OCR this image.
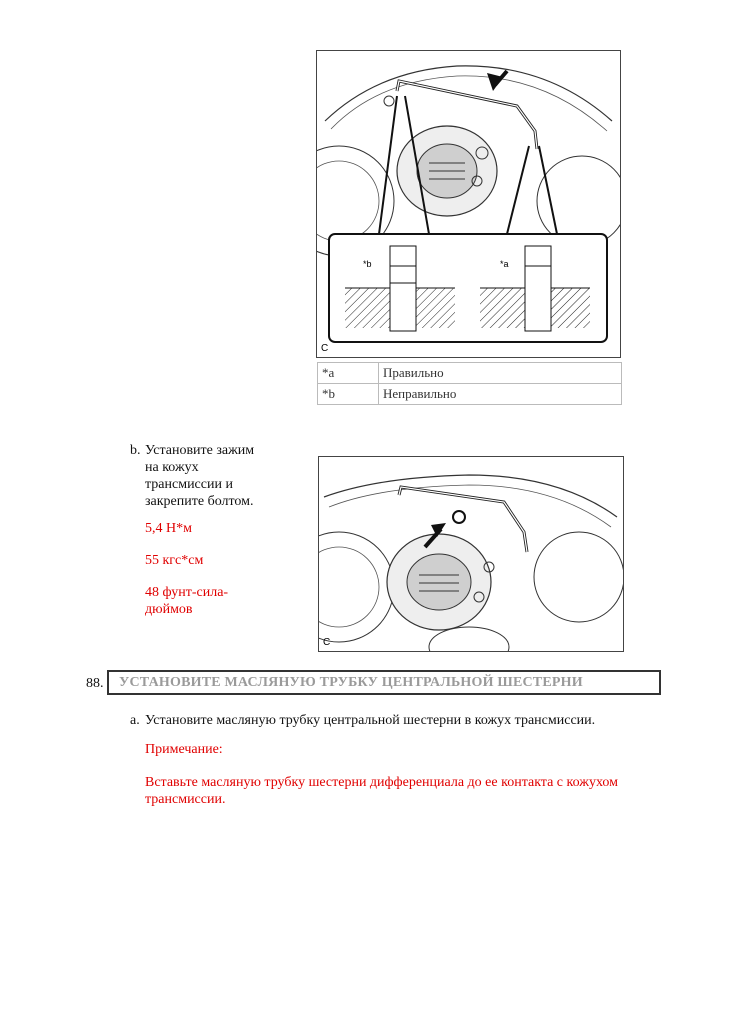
*b	*a
C
*a	Правильно
*b	Неправильно
b. Установите зажим
на кожух
трансмиссии и
закрепите болтом.
5,4 Н*м
55 кгс*см
48 фунт-сила-
дюймов
C
88.	УСТАНОВИТЕ МАСЛЯНУЮ ТРУБКУ ЦЕНТРАЛЬНОЙ ШЕСТЕРНИ
a. Установите масляную трубку центральной шестерни в кожух трансмиссии.
Примечание:
Вставьте масляную трубку шестерни дифференциала до ее контакта с кожухом
трансмиссии.
